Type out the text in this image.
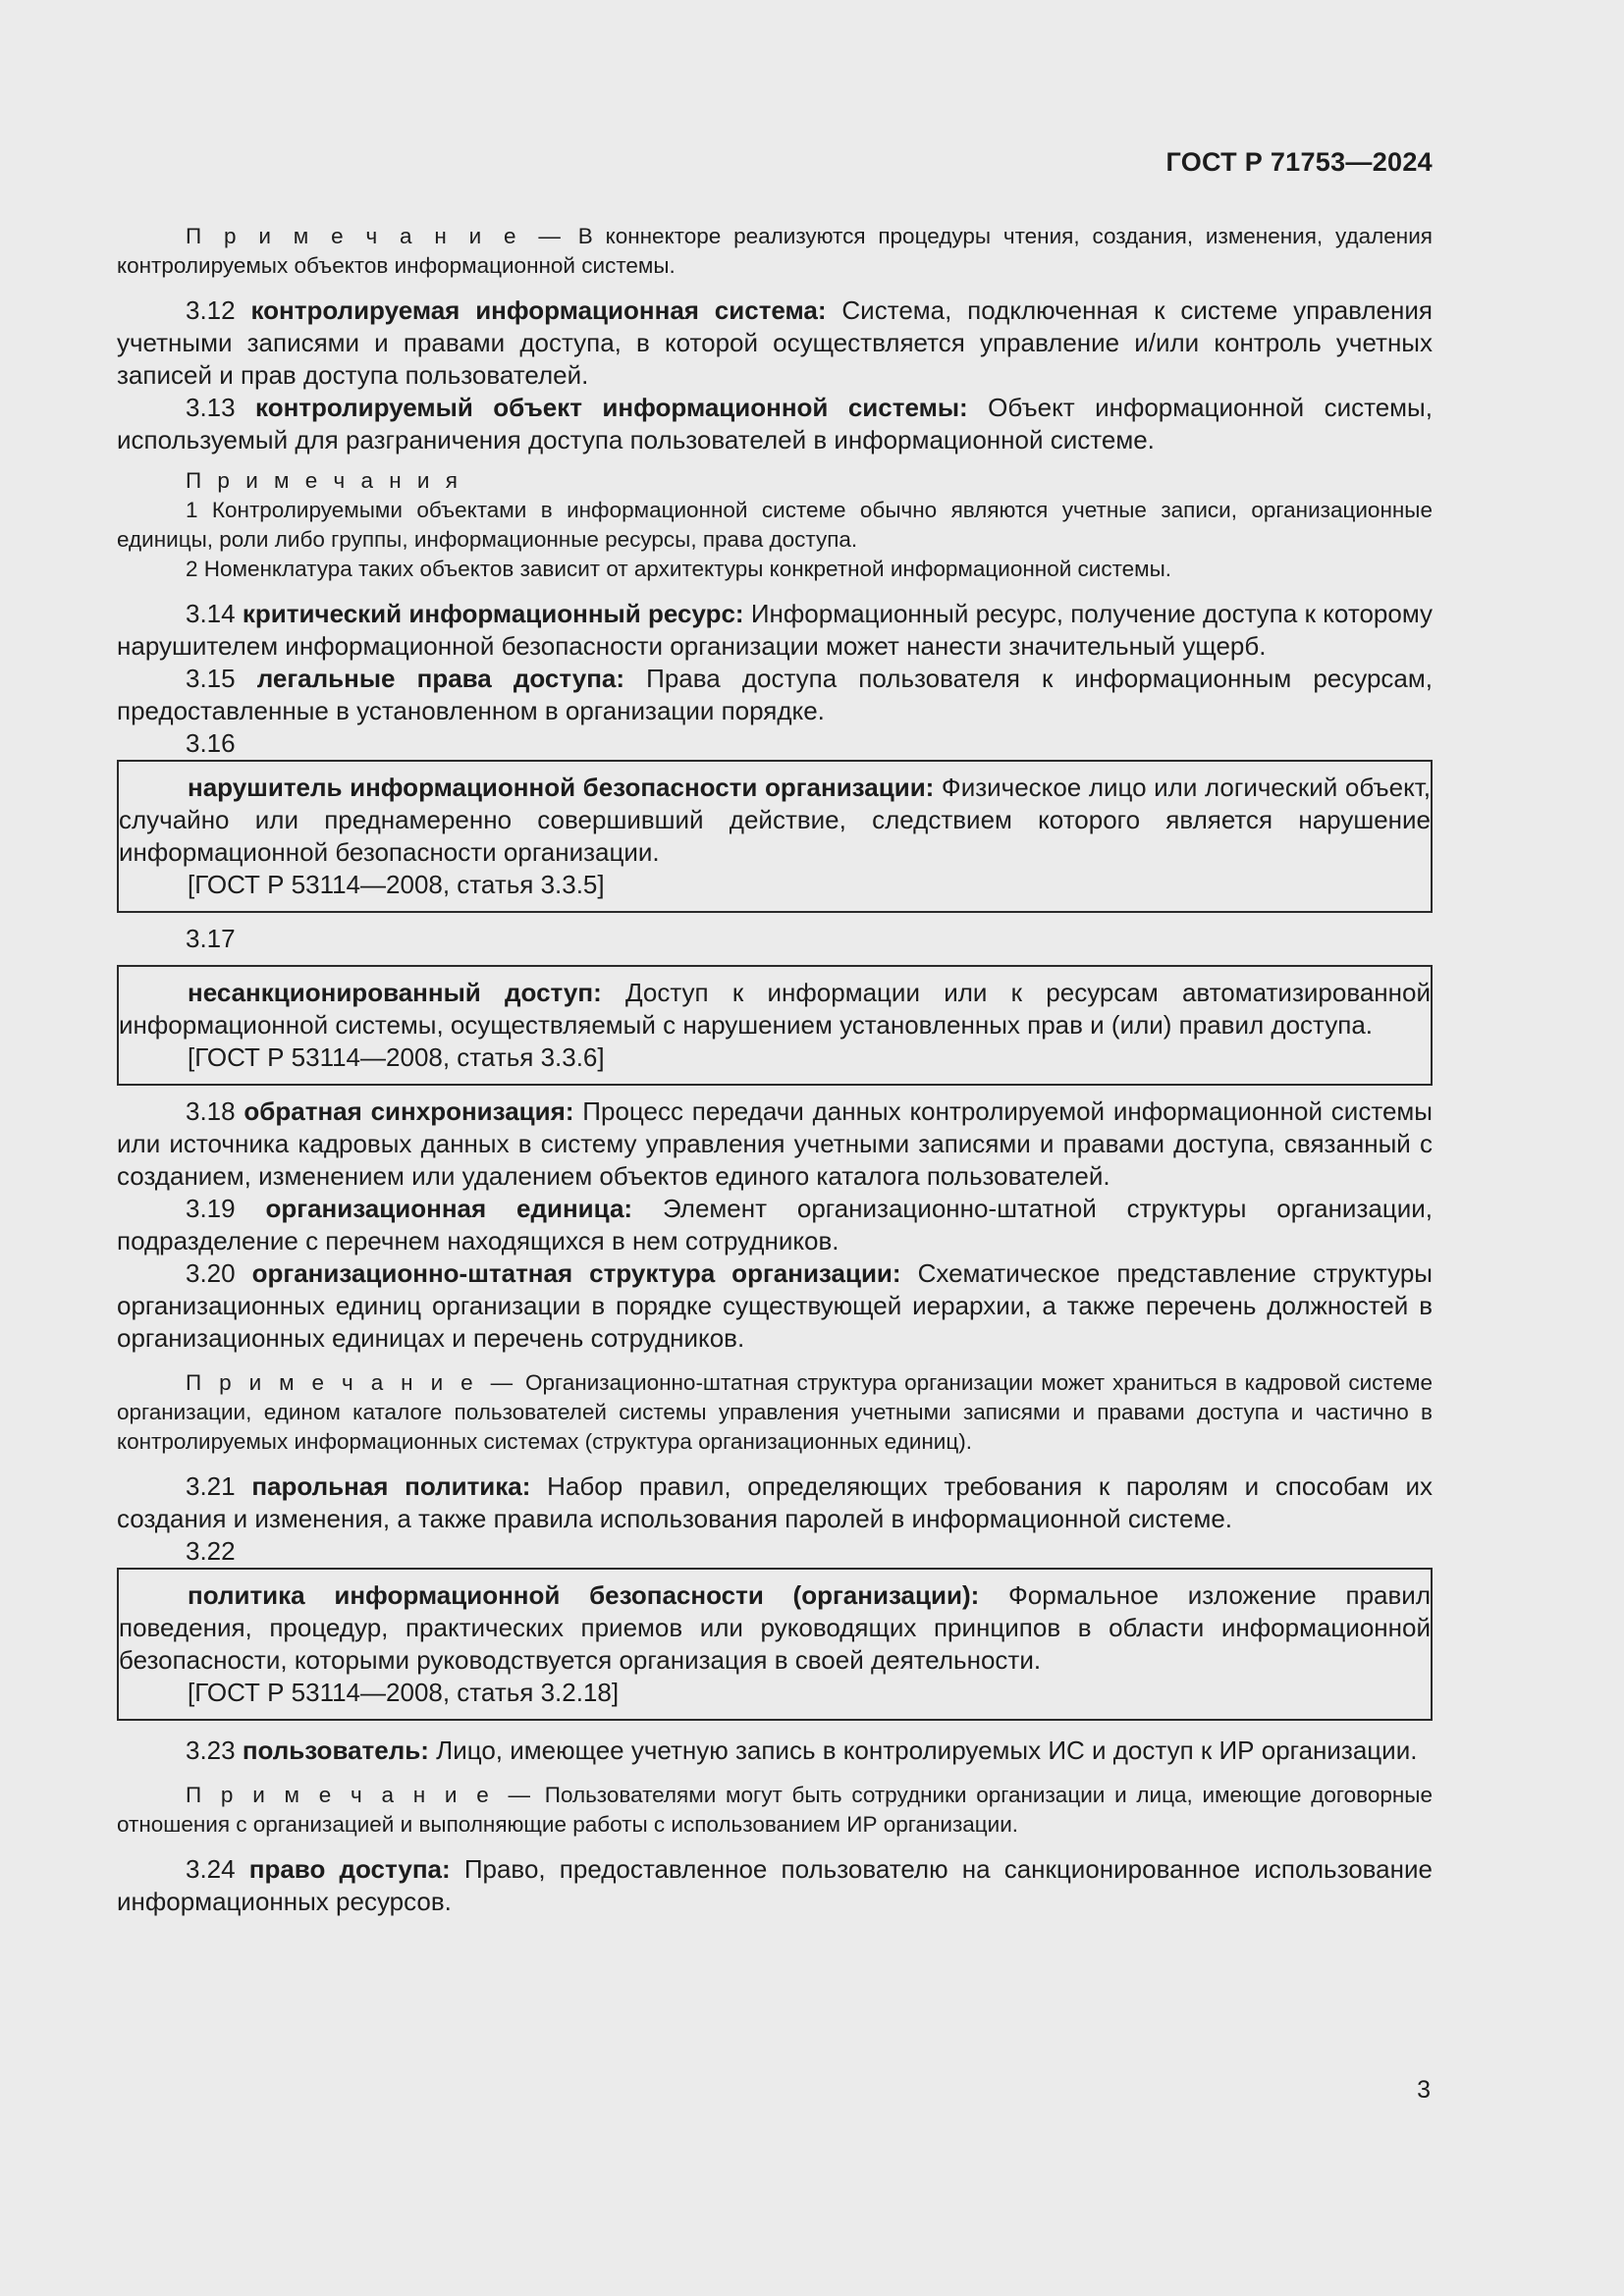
ГОСТ Р 71753—2024

П р и м е ч а н и е — В коннекторе реализуются процедуры чтения, создания, изменения, удаления контролируемых объектов информационной системы.

3.12 контролируемая информационная система: Система, подключенная к системе управления учетными записями и правами доступа, в которой осуществляется управление и/или контроль учетных записей и прав доступа пользователей.

3.13 контролируемый объект информационной системы: Объект информационной системы, используемый для разграничения доступа пользователей в информационной системе.

П р и м е ч а н и я

1 Контролируемыми объектами в информационной системе обычно являются учетные записи, организационные единицы, роли либо группы, информационные ресурсы, права доступа.

2 Номенклатура таких объектов зависит от архитектуры конкретной информационной системы.

3.14 критический информационный ресурс: Информационный ресурс, получение доступа к которому нарушителем информационной безопасности организации может нанести значительный ущерб.

3.15 легальные права доступа: Права доступа пользователя к информационным ресурсам, предоставленные в установленном в организации порядке.

3.16

нарушитель информационной безопасности организации: Физическое лицо или логический объект, случайно или преднамеренно совершивший действие, следствием которого является нарушение информационной безопасности организации.

[ГОСТ Р 53114—2008, статья 3.3.5]

3.17

несанкционированный доступ: Доступ к информации или к ресурсам автоматизированной информационной системы, осуществляемый с нарушением установленных прав и (или) правил доступа.

[ГОСТ Р 53114—2008, статья 3.3.6]

3.18 обратная синхронизация: Процесс передачи данных контролируемой информационной системы или источника кадровых данных в систему управления учетными записями и правами доступа, связанный с созданием, изменением или удалением объектов единого каталога пользователей.

3.19 организационная единица: Элемент организационно-штатной структуры организации, подразделение с перечнем находящихся в нем сотрудников.

3.20 организационно-штатная структура организации: Схематическое представление структуры организационных единиц организации в порядке существующей иерархии, а также перечень должностей в организационных единицах и перечень сотрудников.

П р и м е ч а н и е — Организационно-штатная структура организации может храниться в кадровой системе организации, едином каталоге пользователей системы управления учетными записями и правами доступа и частично в контролируемых информационных системах (структура организационных единиц).

3.21 парольная политика: Набор правил, определяющих требования к паролям и способам их создания и изменения, а также правила использования паролей в информационной системе.

3.22

политика информационной безопасности (организации): Формальное изложение правил поведения, процедур, практических приемов или руководящих принципов в области информационной безопасности, которыми руководствуется организация в своей деятельности.

[ГОСТ Р 53114—2008, статья 3.2.18]

3.23 пользователь: Лицо, имеющее учетную запись в контролируемых ИС и доступ к ИР организации.

П р и м е ч а н и е — Пользователями могут быть сотрудники организации и лица, имеющие договорные отношения с организацией и выполняющие работы с использованием ИР организации.

3.24 право доступа: Право, предоставленное пользователю на санкционированное использование информационных ресурсов.

3
